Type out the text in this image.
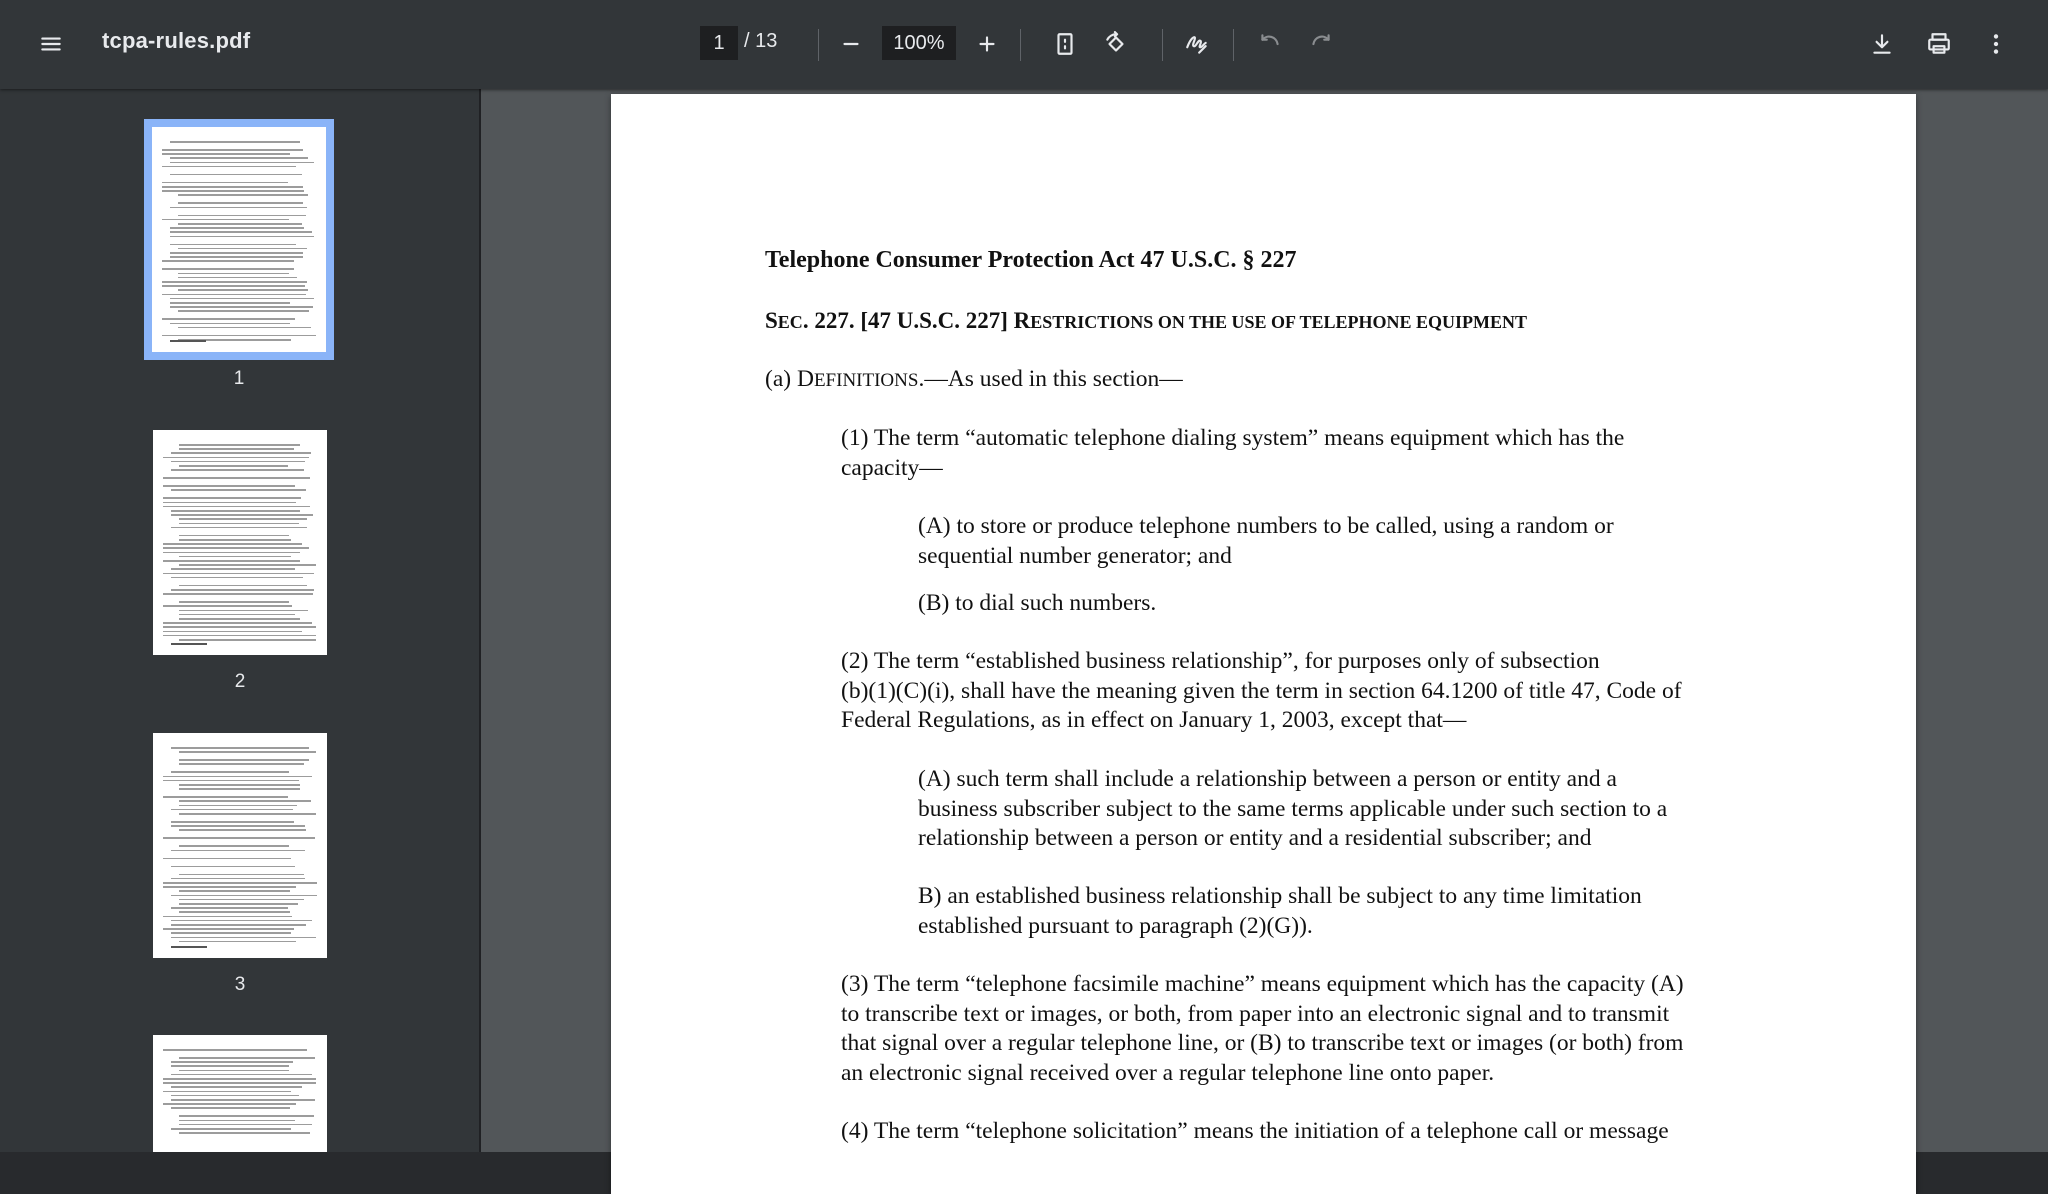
tcpa-rules.pdf	1 / 13	100%
1
2
3
Telephone Consumer Protection Act 47 U.S.C. § 227
SEC. 227. [47 U.S.C. 227] RESTRICTIONS ON THE USE OF TELEPHONE EQUIPMENT
(a) DEFINITIONS.—As used in this section—
(1) The term “automatic telephone dialing system” means equipment which has the
capacity—
(A) to store or produce telephone numbers to be called, using a random or
sequential number generator; and
(B) to dial such numbers.
(2) The term “established business relationship”, for purposes only of subsection
(b)(1)(C)(i), shall have the meaning given the term in section 64.1200 of title 47, Code of
Federal Regulations, as in effect on January 1, 2003, except that—
(A) such term shall include a relationship between a person or entity and a
business subscriber subject to the same terms applicable under such section to a
relationship between a person or entity and a residential subscriber; and
B) an established business relationship shall be subject to any time limitation
established pursuant to paragraph (2)(G)).
(3) The term “telephone facsimile machine” means equipment which has the capacity (A)
to transcribe text or images, or both, from paper into an electronic signal and to transmit
that signal over a regular telephone line, or (B) to transcribe text or images (or both) from
an electronic signal received over a regular telephone line onto paper.
(4) The term “telephone solicitation” means the initiation of a telephone call or message
